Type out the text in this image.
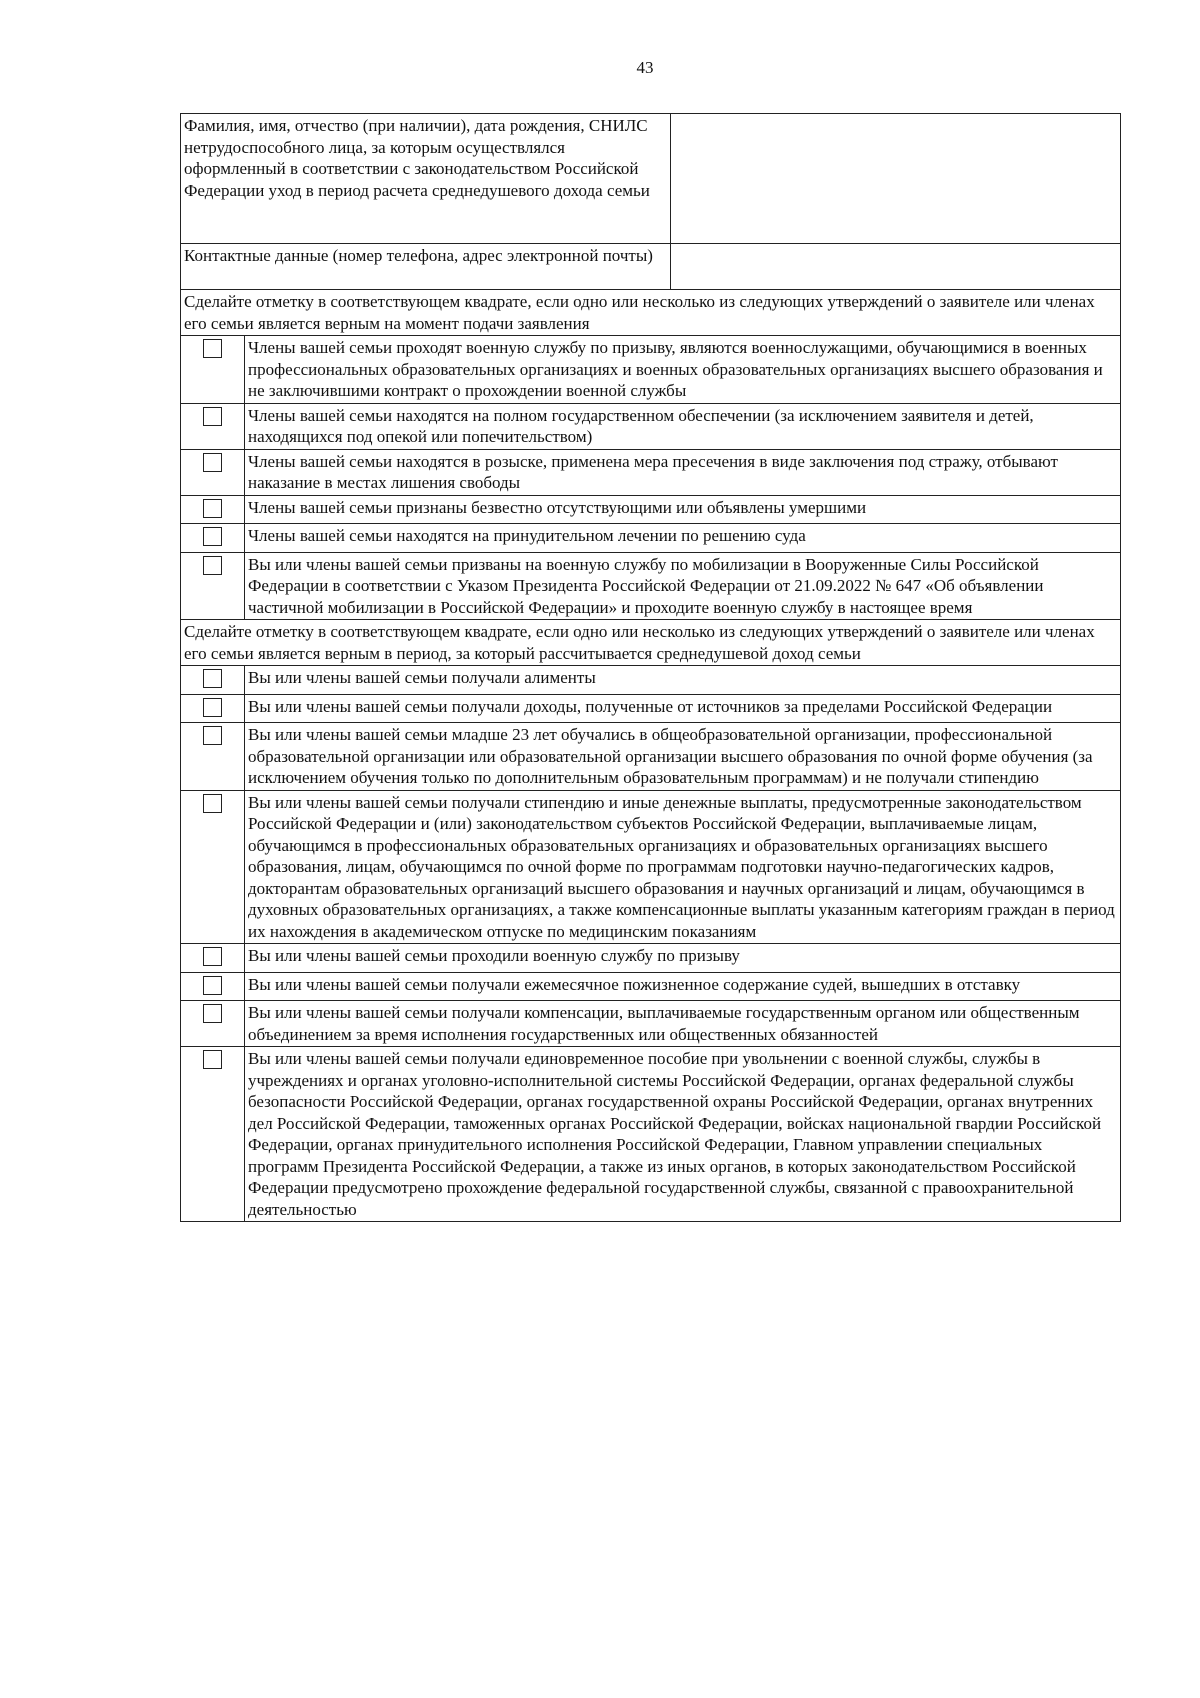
43
Фамилия, имя, отчество (при наличии), дата рождения, СНИЛС нетрудоспособного лица, за которым осуществлялся оформленный в соответствии с законодательством Российской Федерации уход в период расчета среднедушевого дохода семьи		
Контактные данные (номер телефона, адрес электронной почты)		
Сделайте отметку в соответствующем квадрате, если одно или несколько из следующих утверждений о заявителе или членах его семьи является верным на момент подачи заявления		
	Члены вашей семьи проходят военную службу по призыву, являются военнослужащими, обучающимися в военных профессиональных образовательных организациях и военных образовательных организациях высшего образования и не заключившими контракт о прохождении военной службы	
	Члены вашей семьи находятся на полном государственном обеспечении (за исключением заявителя и детей, находящихся под опекой или попечительством)	
	Члены вашей семьи находятся в розыске, применена мера пресечения в виде заключения под стражу, отбывают наказание в местах лишения свободы	
	Члены вашей семьи признаны безвестно отсутствующими или объявлены умершими	
	Члены вашей семьи находятся на принудительном лечении по решению суда	
	Вы или члены вашей семьи призваны на военную службу по мобилизации в Вооруженные Силы Российской Федерации в соответствии с Указом Президента Российской Федерации от 21.09.2022 № 647 «Об объявлении частичной мобилизации в Российской Федерации» и проходите военную службу в настоящее время	
Сделайте отметку в соответствующем квадрате, если одно или несколько из следующих утверждений о заявителе или членах его семьи является верным в период, за который рассчитывается среднедушевой доход семьи		
	Вы или члены вашей семьи получали алименты	
	Вы или члены вашей семьи получали доходы, полученные от источников за пределами Российской Федерации	
	Вы или члены вашей семьи младше 23 лет обучались в общеобразовательной организации, профессиональной образовательной организации или образовательной организации высшего образования по очной форме обучения (за исключением обучения только по дополнительным образовательным программам) и не получали стипендию	
	Вы или члены вашей семьи получали стипендию и иные денежные выплаты, предусмотренные законодательством Российской Федерации и (или) законодательством субъектов Российской Федерации, выплачиваемые лицам, обучающимся в профессиональных образовательных организациях и образовательных организациях высшего образования, лицам, обучающимся по очной форме по программам подготовки научно-педагогических кадров, докторантам образовательных организаций высшего образования и научных организаций и лицам, обучающимся в духовных образовательных организациях, а также компенсационные выплаты указанным категориям граждан в период их нахождения в академическом отпуске по медицинским показаниям	
	Вы или члены вашей семьи проходили военную службу по призыву	
	Вы или члены вашей семьи получали ежемесячное пожизненное содержание судей, вышедших в отставку	
	Вы или члены вашей семьи получали компенсации, выплачиваемые государственным органом или общественным объединением за время исполнения государственных или общественных обязанностей	
	Вы или члены вашей семьи получали единовременное пособие при увольнении с военной службы, службы в учреждениях и органах уголовно-исполнительной системы Российской Федерации, органах федеральной службы безопасности Российской Федерации, органах государственной охраны Российской Федерации, органах внутренних дел Российской Федерации, таможенных органах Российской Федерации, войсках национальной гвардии Российской Федерации, органах принудительного исполнения Российской Федерации, Главном управлении специальных программ Президента Российской Федерации, а также из иных органов, в которых законодательством Российской Федерации предусмотрено прохождение федеральной государственной службы, связанной с правоохранительной деятельностью	
